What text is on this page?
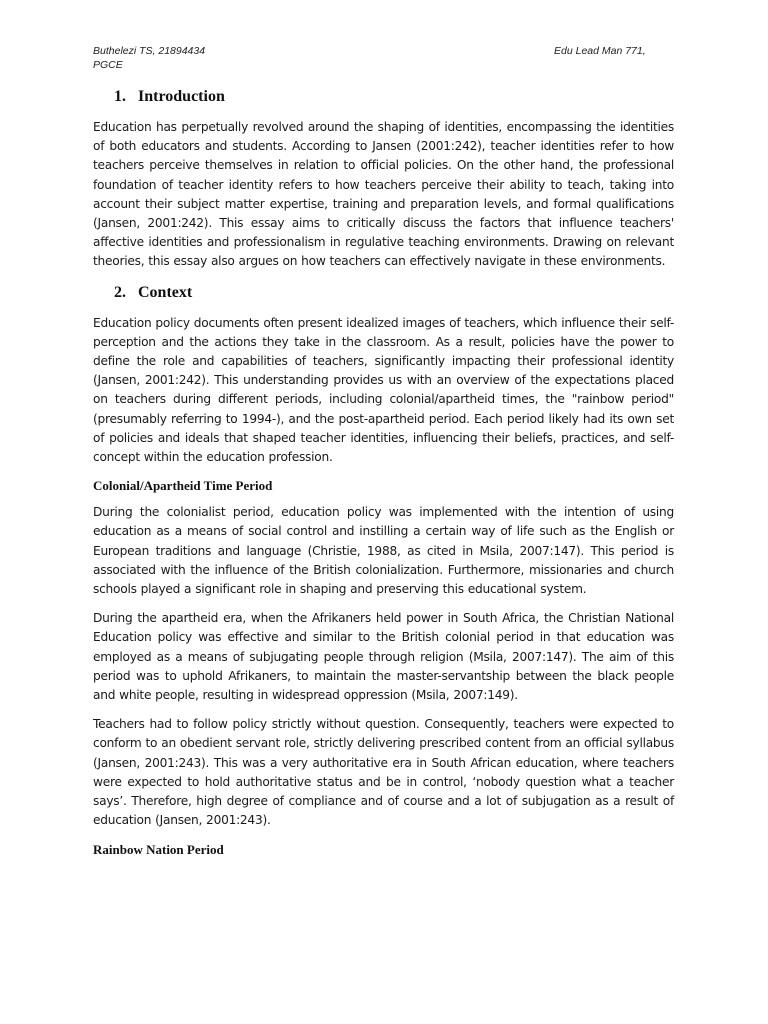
Buthelezi TS, 21894434
PGCE
Edu Lead Man 771,
1. Introduction

Education has perpetually revolved around the shaping of identities, encompassing the identities of both educators and students. According to Jansen (2001:242), teacher identities refer to how teachers perceive themselves in relation to official policies. On the other hand, the professional foundation of teacher identity refers to how teachers perceive their ability to teach, taking into account their subject matter expertise, training and preparation levels, and formal qualifications (Jansen, 2001:242). This essay aims to critically discuss the factors that influence teachers' affective identities and professionalism in regulative teaching environments. Drawing on relevant theories, this essay also argues on how teachers can effectively navigate in these environments.

2. Context

Education policy documents often present idealized images of teachers, which influence their self-perception and the actions they take in the classroom. As a result, policies have the power to define the role and capabilities of teachers, significantly impacting their professional identity (Jansen, 2001:242). This understanding provides us with an overview of the expectations placed on teachers during different periods, including colonial/apartheid times, the "rainbow period" (presumably referring to 1994-), and the post-apartheid period. Each period likely had its own set of policies and ideals that shaped teacher identities, influencing their beliefs, practices, and self-concept within the education profession.

Colonial/Apartheid Time Period

During the colonialist period, education policy was implemented with the intention of using education as a means of social control and instilling a certain way of life such as the English or European traditions and language (Christie, 1988, as cited in Msila, 2007:147). This period is associated with the influence of the British colonialization. Furthermore, missionaries and church schools played a significant role in shaping and preserving this educational system.

During the apartheid era, when the Afrikaners held power in South Africa, the Christian National Education policy was effective and similar to the British colonial period in that education was employed as a means of subjugating people through religion (Msila, 2007:147). The aim of this period was to uphold Afrikaners, to maintain the master-servantship between the black people and white people, resulting in widespread oppression (Msila, 2007:149).

Teachers had to follow policy strictly without question. Consequently, teachers were expected to conform to an obedient servant role, strictly delivering prescribed content from an official syllabus (Jansen, 2001:243). This was a very authoritative era in South African education, where teachers were expected to hold authoritative status and be in control, ‘nobody question what a teacher says’. Therefore, high degree of compliance and of course and a lot of subjugation as a result of education (Jansen, 2001:243).

Rainbow Nation Period
